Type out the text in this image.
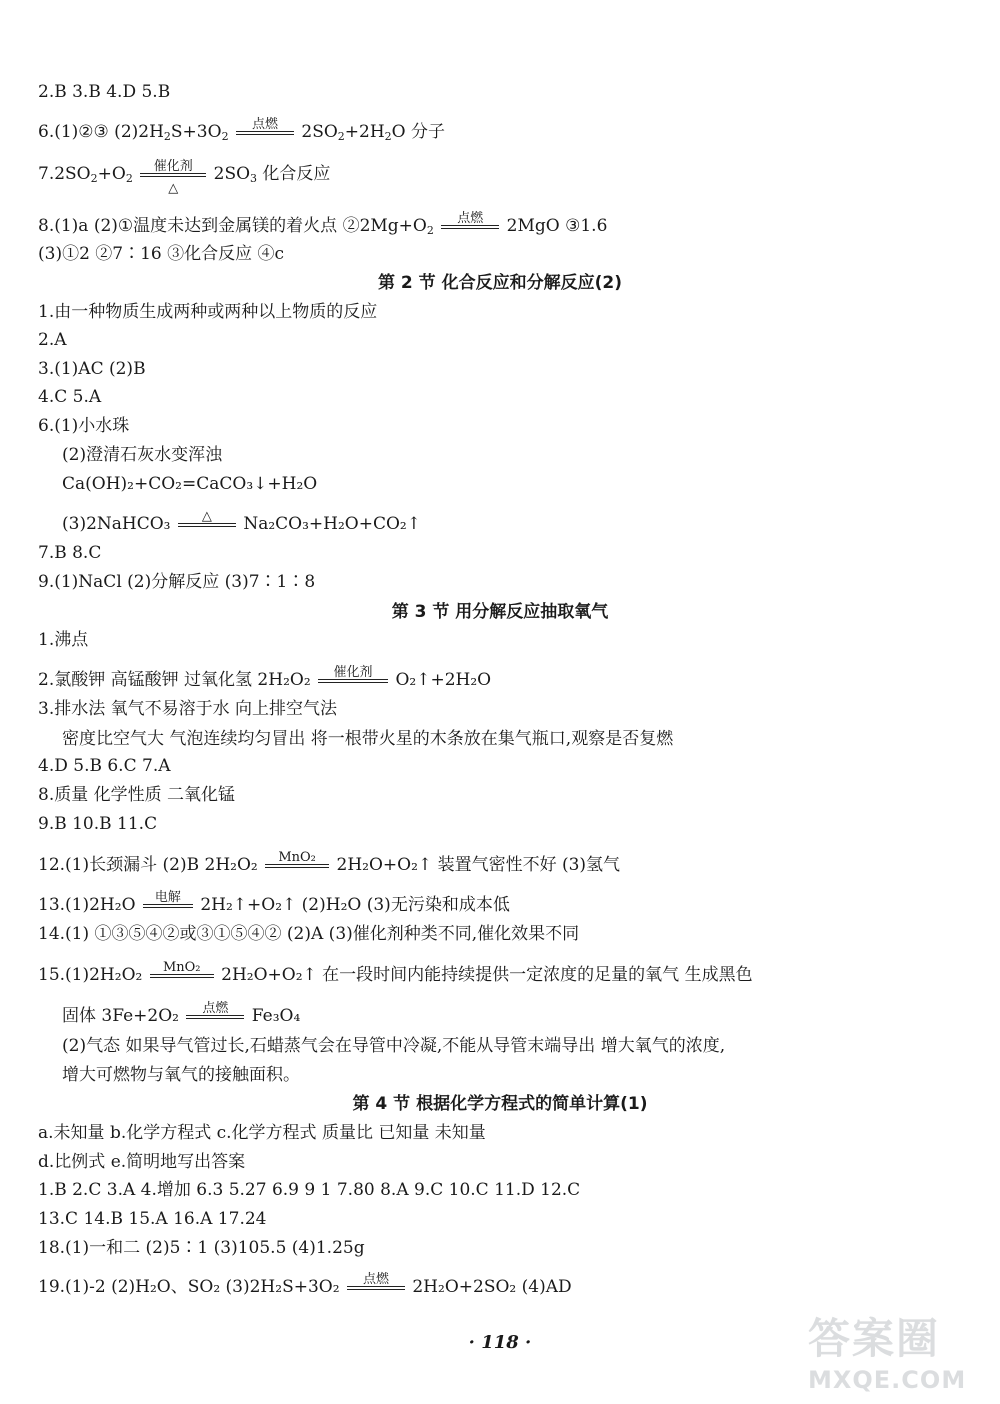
2.B 3.B 4.D 5.B
6.(1)②③ $(2)2H_2S+3O_2$
点燃	$2SO_2+2H_2O$ 分子
$7.2SO_2+O_2$
催化剂
△
$2SO_3$ 化合反应
8.(1)a (2)①温度未达到金属镁的着火点 $②2Mg+O_2$
点燃	2MgO ③1.6
(3)①2 ②7∶16 ③化合反应 ④c
第 2 节 化合反应和分解反应(2)
1.由一种物质生成两种或两种以上物质的反应
2.A
3.(1)AC (2)B
4.C 5.A
6.(1)小水珠
(2)澄清石灰水变浑浊
Ca(OH)₂+CO₂=CaCO₃↓+H₂O
(3)2NaHCO₃	△	Na₂CO₃+H₂O+CO₂↑
7.B 8.C
9.(1)NaCl (2)分解反应 (3)7∶1∶8
第 3 节 用分解反应抽取氧气
1.沸点
2.氯酸钾 高锰酸钾 过氧化氢 2H₂O₂	催化剂	O₂↑+2H₂O
3.排水法 氧气不易溶于水 向上排空气法
密度比空气大 气泡连续均匀冒出 将一根带火星的木条放在集气瓶口,观察是否复燃
4.D 5.B 6.C 7.A
8.质量 化学性质 二氧化锰
9.B 10.B 11.C
12.(1)长颈漏斗 (2)B 2H₂O₂	MnO₂	2H₂O+O₂↑ 装置气密性不好 (3)氢气
13.(1)2H₂O	电解	2H₂↑+O₂↑ (2)H₂O (3)无污染和成本低
14.(1) ①③⑤④②或③①⑤④② (2)A (3)催化剂种类不同,催化效果不同
15.(1)2H₂O₂	MnO₂	2H₂O+O₂↑ 在一段时间内能持续提供一定浓度的足量的氧气 生成黑色
固体 3Fe+2O₂	点燃	Fe₃O₄
(2)气态 如果导气管过长,石蜡蒸气会在导管中冷凝,不能从导管末端导出 增大氧气的浓度,
增大可燃物与氧气的接触面积。
第 4 节 根据化学方程式的简单计算(1)
a.未知量 b.化学方程式 c.化学方程式 质量比 已知量 未知量
d.比例式 e.简明地写出答案
1.B 2.C 3.A 4.增加 6.3 5.27 6.9 9 1 7.80 8.A 9.C 10.C 11.D 12.C
13.C 14.B 15.A 16.A 17.24
18.(1)一和二 (2)5∶1 (3)105.5 (4)1.25g
19.(1)-2 (2)H₂O、SO₂ (3)2H₂S+3O₂	点燃	2H₂O+2SO₂ (4)AD
· 118 ·	答案圈
MXQE.COM
